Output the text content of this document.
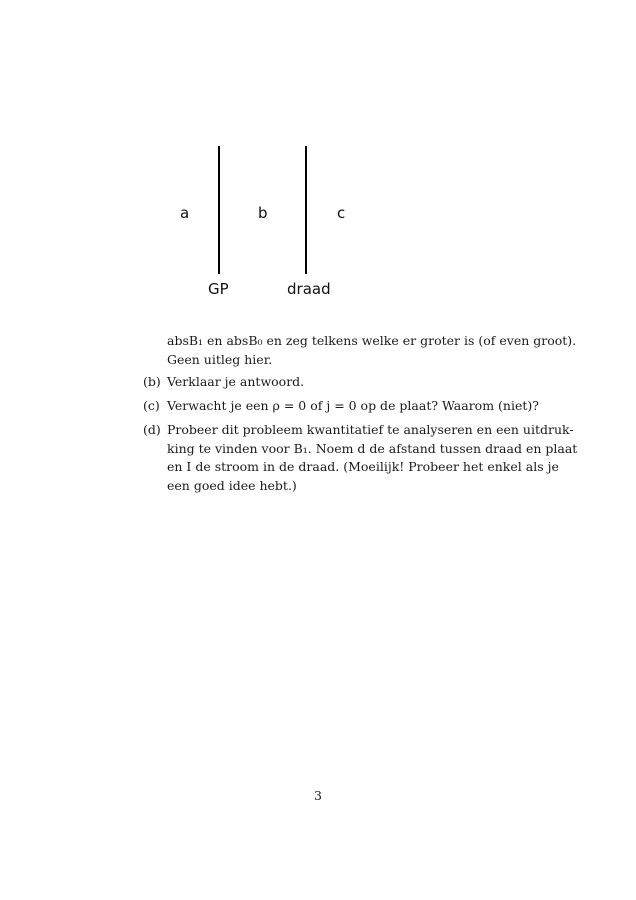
a	b	c
GP	draad
absB₁ en absB₀ en zeg telkens welke er groter is (of even groot).
Geen uitleg hier.
(b) Verklaar je antwoord.
(c) Verwacht je een ρ = 0 of j = 0 op de plaat? Waarom (niet)?
(d) Probeer dit probleem kwantitatief te analyseren en een uitdruk-
king te vinden voor B₁. Noem d de afstand tussen draad en plaat
en I de stroom in de draad. (Moeilijk! Probeer het enkel als je
een goed idee hebt.)
3
